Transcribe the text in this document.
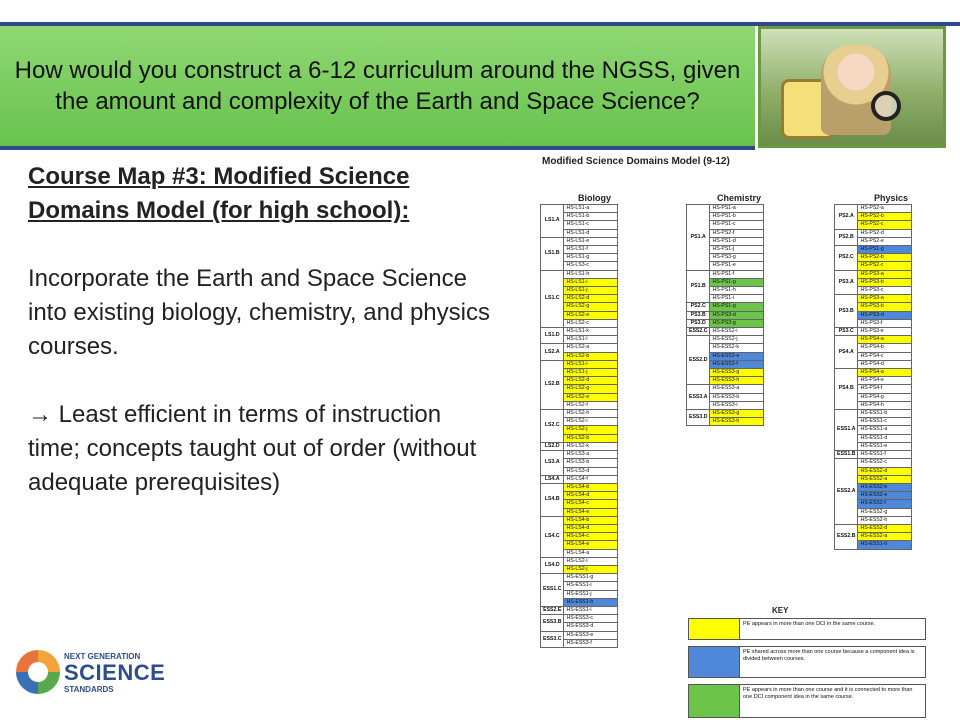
How would you construct a 6-12 curriculum around the NGSS, given the amount and complexity of the Earth and Space Science?
Course Map #3: Modified Science Domains Model (for high school):
Incorporate the Earth and Space Science into existing biology, chemistry, and physics courses.
→ Least efficient in terms of instruction time; concepts taught out of order (without adequate prerequisites)
Modified Science Domains Model (9-12)
Biology	Chemistry	Physics
LS1.A	HS-LS1-a
	HS-LS1-b
	HS-LS1-c
	HS-LS1-d
LS1.B	HS-LS1-e
	HS-LS1-f
	HS-LS1-g
	HS-LS3-c
LS1.C	HS-LS1-h
	HS-LS1-i
	HS-LS1-j
	HS-LS2-d
	HS-LS2-g
	HS-LS2-e
	HS-LS2-c
LS1.D	HS-LS1-k
	HS-LS1-l
LS2.A	HS-LS2-a
	HS-LS2-b
LS2.B	HS-LS1-i
	HS-LS1-j
	HS-LS2-d
	HS-LS2-g
	HS-LS2-e
	HS-LS2-f
LS2.C	HS-LS2-h
	HS-LS2-i
	HS-LS2-j
	HS-LS2-b
LS2.D	HS-LS2-k
LS3.A	HS-LS3-a
	HS-LS3-b
	HS-LS3-d
LS4.A	HS-LS4-f
LS4.B	HS-LS4-b
	HS-LS4-d
	HS-LS4-c
	HS-LS4-e
LS4.C	HS-LS4-b
	HS-LS4-d
	HS-LS4-c
	HS-LS4-e
	HS-LS4-a
LS4.D	HS-LS2-l
	HS-LS2-j
ESS1.C	HS-ESS1-g
	HS-ESS1-i
	HS-ESS1-j
	HS-ESS1-h
ESS2.E	HS-ESS1-l
ESS3.B	HS-ESS3-c
	HS-ESS3-d
ESS3.C	HS-ESS3-e
	HS-ESS3-f
PS1.A	HS-PS1-a
	HS-PS1-b
	HS-PS1-c
	HS-PS2-f
	HS-PS1-d
	HS-PS1-j
	HS-PS3-g
	HS-PS1-e
PS1.B	HS-PS1-f
	HS-PS1-g
	HS-PS1-h
	HS-PS1-i
PS2.C	HS-PS1-g
PS3.B	HS-PS3-d
PS3.D	HS-PS3-g
ESS2.C	HS-ESS2-i
ESS2.D	HS-ESS2-j
	HS-ESS2-k
	HS-ESS2-e
	HS-ESS2-f
	HS-ESS3-g
	HS-ESS3-h
ESS3.A	HS-ESS3-a
	HS-ESS3-b
	HS-ESS3-i
ESS3.D	HS-ESS3-g
	HS-ESS3-h
PS2.A	HS-PS2-a
	HS-PS2-b
	HS-PS2-c
PS2.B	HS-PS2-d
	HS-PS2-e
PS2.C	HS-PS1-g
	HS-PS2-b
	HS-PS2-c
PS3.A	HS-PS3-a
	HS-PS3-b
	HS-PS3-c
PS3.B	HS-PS3-a
	HS-PS3-b
	HS-PS3-d
	HS-PS3-f
PS3.C	HS-PS3-e
PS4.A	HS-PS4-a
	HS-PS4-b
	HS-PS4-c
	HS-PS4-d
PS4.B	HS-PS4-a
	HS-PS4-e
	HS-PS4-f
	HS-PS4-g
	HS-PS4-h
ESS1.A	HS-ESS1-b
	HS-ESS1-c
	HS-ESS1-a
	HS-ESS1-d
	HS-ESS1-e
ESS1.B	HS-ESS1-f
ESS2.A	HS-ESS2-c
	HS-ESS2-d
	HS-ESS2-a
	HS-ESS2-b
	HS-ESS2-e
	HS-ESS2-f
	HS-ESS2-g
	HS-ESS2-h
ESS2.B	HS-ESS2-d
	HS-ESS2-a
	HS-ESS1-h
KEY
PE appears in more than one DCI in the same course.
PE shared across more than one course because a component idea is divided between courses.
PE appears in more than one course and it is connected to more than one DCI component idea in the same course.
NEXT GENERATION
SCIENCE
STANDARDS
